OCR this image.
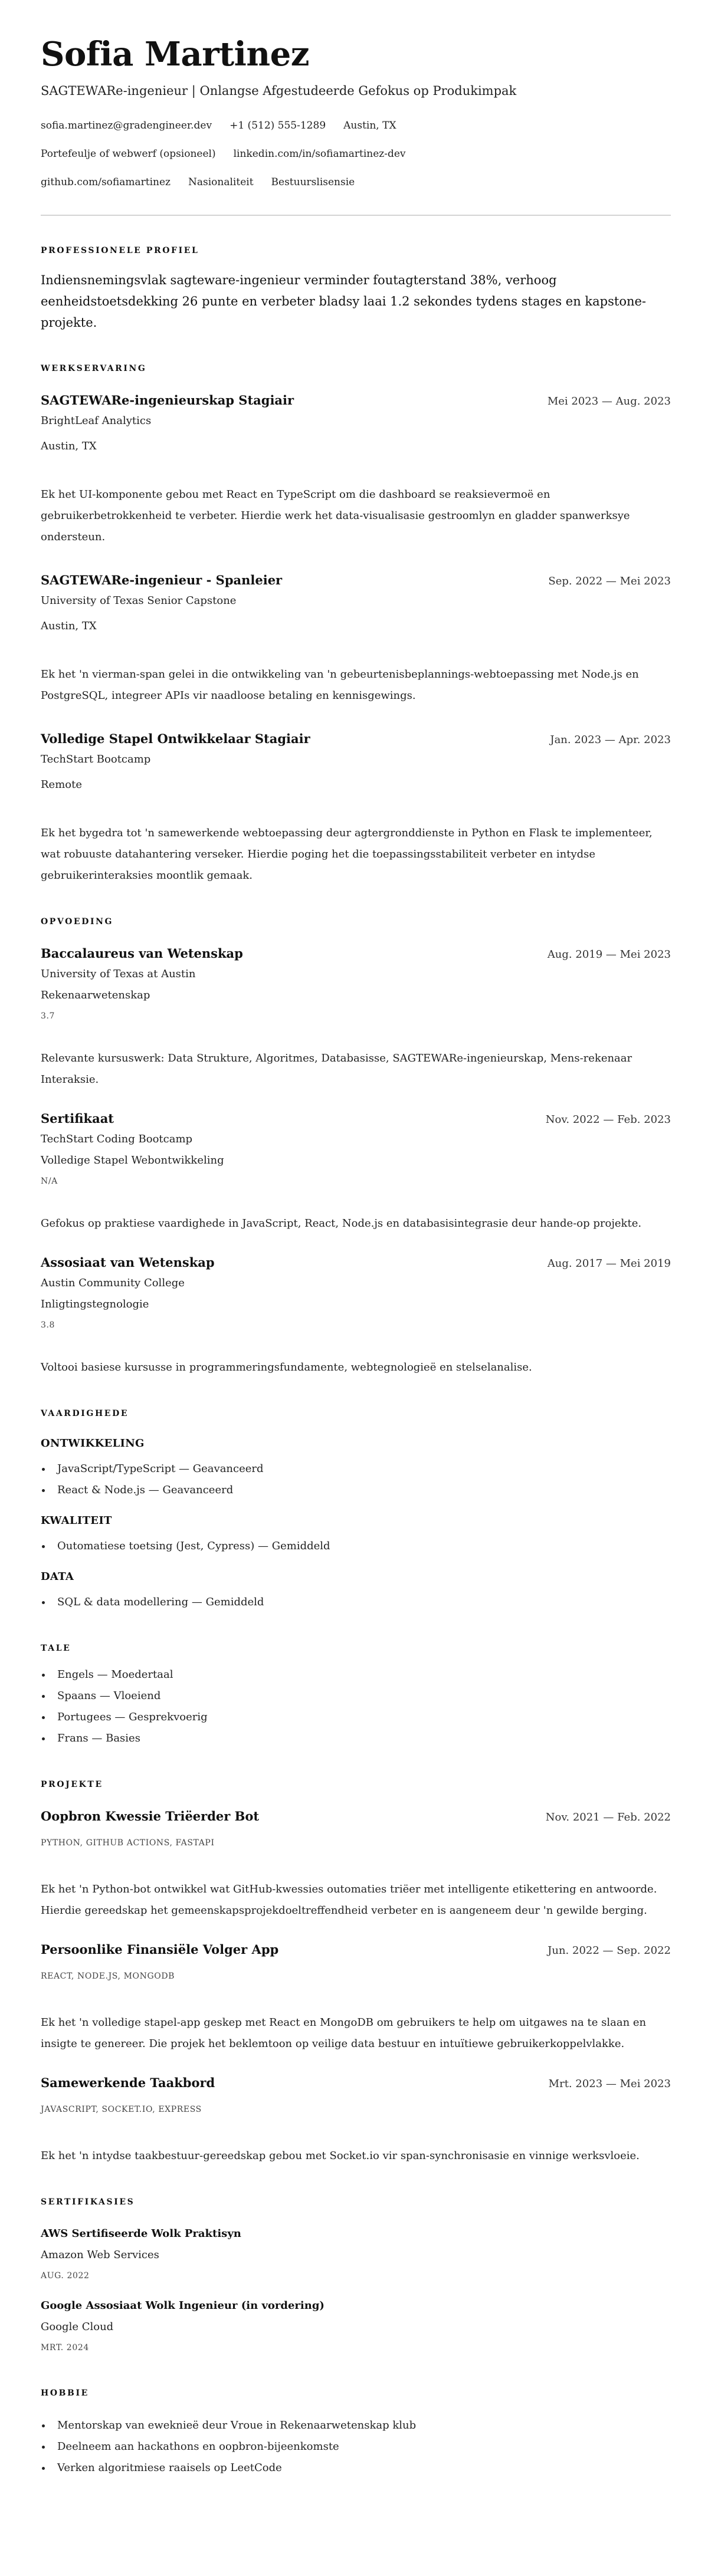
Sofia Martinez
SAGTEWARe-ingenieur | Onlangse Afgestudeerde Gefokus op Produkimpak
sofia.martinez@gradengineer.dev +1 (512) 555-1289 Austin, TX
Portefeulje of webwerf (opsioneel) linkedin.com/in/sofiamartinez-dev
github.com/sofiamartinez Nasionaliteit Bestuurslisensie
PROFESSIONELE PROFIEL
Indiensnemingsvlak sagteware-ingenieur verminder foutagterstand 38%, verhoog eenheidstoetsdekking 26 punte en verbeter bladsy laai 1.2 sekondes tydens stages en kapstone-projekte.
WERKSERVARING
SAGTEWARe-ingenieurskap Stagiair	Mei 2023 — Aug. 2023
BrightLeaf Analytics
Austin, TX
Ek het UI-komponente gebou met React en TypeScript om die dashboard se reaksievermoë en gebruikerbetrokkenheid te verbeter. Hierdie werk het data-visualisasie gestroomlyn en gladder spanwerksye ondersteun.
SAGTEWARe-ingenieur - Spanleier	Sep. 2022 — Mei 2023
University of Texas Senior Capstone
Austin, TX
Ek het 'n vierman-span gelei in die ontwikkeling van 'n gebeurtenisbeplannings-webtoepassing met Node.js en PostgreSQL, integreer APIs vir naadloose betaling en kennisgewings.
Volledige Stapel Ontwikkelaar Stagiair	Jan. 2023 — Apr. 2023
TechStart Bootcamp
Remote
Ek het bygedra tot 'n samewerkende webtoepassing deur agtergronddienste in Python en Flask te implementeer, wat robuuste datahantering verseker. Hierdie poging het die toepassingsstabiliteit verbeter en intydse gebruikerinteraksies moontlik gemaak.
OPVOEDING
Baccalaureus van Wetenskap	Aug. 2019 — Mei 2023
University of Texas at Austin
Rekenaarwetenskap
3.7
Relevante kursuswerk: Data Strukture, Algoritmes, Databasisse, SAGTEWARe-ingenieurskap, Mens-rekenaar Interaksie.
Sertifikaat	Nov. 2022 — Feb. 2023
TechStart Coding Bootcamp
Volledige Stapel Webontwikkeling
N/A
Gefokus op praktiese vaardighede in JavaScript, React, Node.js en databasisintegrasie deur hande-op projekte.
Assosiaat van Wetenskap	Aug. 2017 — Mei 2019
Austin Community College
Inligtingstegnologie
3.8
Voltooi basiese kursusse in programmeringsfundamente, webtegnologieë en stelselanalise.
VAARDIGHEDE
ONTWIKKELING
JavaScript/TypeScript — Geavanceerd
React & Node.js — Geavanceerd
KWALITEIT
Outomatiese toetsing (Jest, Cypress) — Gemiddeld
DATA
SQL & data modellering — Gemiddeld
TALE
Engels — Moedertaal
Spaans — Vloeiend
Portugees — Gesprekvoerig
Frans — Basies
PROJEKTE
Oopbron Kwessie Triëerder Bot	Nov. 2021 — Feb. 2022
PYTHON, GITHUB ACTIONS, FASTAPI
Ek het 'n Python-bot ontwikkel wat GitHub-kwessies outomaties triëer met intelligente etikettering en antwoorde. Hierdie gereedskap het gemeenskapsprojekdoeltreffendheid verbeter en is aangeneem deur 'n gewilde berging.
Persoonlike Finansiële Volger App	Jun. 2022 — Sep. 2022
REACT, NODE.JS, MONGODB
Ek het 'n volledige stapel-app geskep met React en MongoDB om gebruikers te help om uitgawes na te slaan en insigte te genereer. Die projek het beklemtoon op veilige data bestuur en intuïtiewe gebruikerkoppelvlakke.
Samewerkende Taakbord	Mrt. 2023 — Mei 2023
JAVASCRIPT, SOCKET.IO, EXPRESS
Ek het 'n intydse taakbestuur-gereedskap gebou met Socket.io vir span-synchronisasie en vinnige werksvloeie.
SERTIFIKASIES
AWS Sertifiseerde Wolk Praktisyn
Amazon Web Services
AUG. 2022
Google Assosiaat Wolk Ingenieur (in vordering)
Google Cloud
MRT. 2024
HOBBIE
Mentorskap van eweknieë deur Vroue in Rekenaarwetenskap klub
Deelneem aan hackathons en oopbron-bijeenkomste
Verken algoritmiese raaisels op LeetCode
